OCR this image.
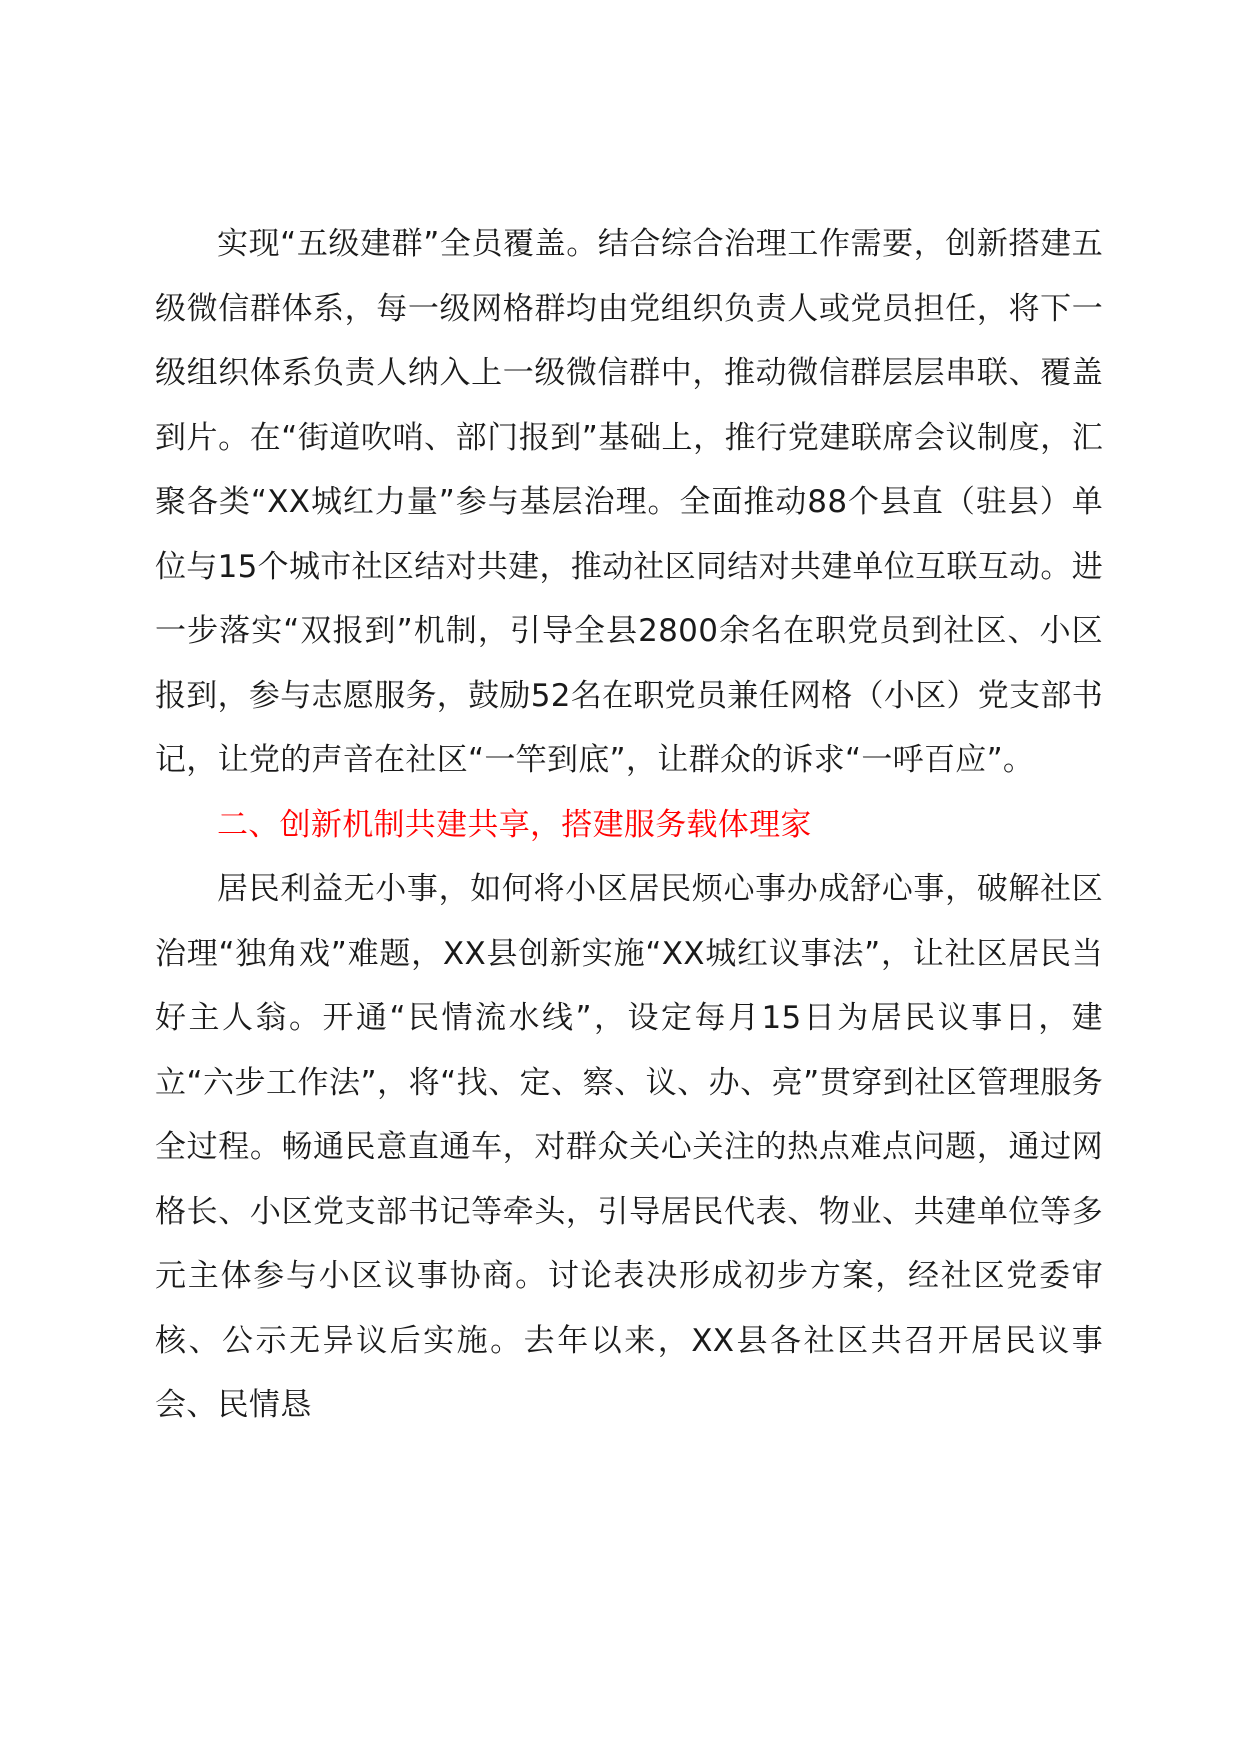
实现“五级建群”全员覆盖。结合综合治理工作需要，创新搭建五级微信群体系，每一级网格群均由党组织负责人或党员担任，将下一级组织体系负责人纳入上一级微信群中，推动微信群层层串联、覆盖到片。在“街道吹哨、部门报到”基础上，推行党建联席会议制度，汇聚各类“XX城红力量”参与基层治理。全面推动88个县直（驻县）单位与15个城市社区结对共建，推动社区同结对共建单位互联互动。进一步落实“双报到”机制，引导全县2800余名在职党员到社区、小区报到，参与志愿服务，鼓励52名在职党员兼任网格（小区）党支部书记，让党的声音在社区“一竿到底”，让群众的诉求“一呼百应”。

二、创新机制共建共享，搭建服务载体理家

居民利益无小事，如何将小区居民烦心事办成舒心事，破解社区治理“独角戏”难题，XX县创新实施“XX城红议事法”，让社区居民当好主人翁。开通“民情流水线”，设定每月15日为居民议事日，建立“六步工作法”，将“找、定、察、议、办、亮”贯穿到社区管理服务全过程。畅通民意直通车，对群众关心关注的热点难点问题，通过网格长、小区党支部书记等牵头，引导居民代表、物业、共建单位等多元主体参与小区议事协商。讨论表决形成初步方案，经社区党委审核、公示无异议后实施。去年以来，XX县各社区共召开居民议事会、民情恳
